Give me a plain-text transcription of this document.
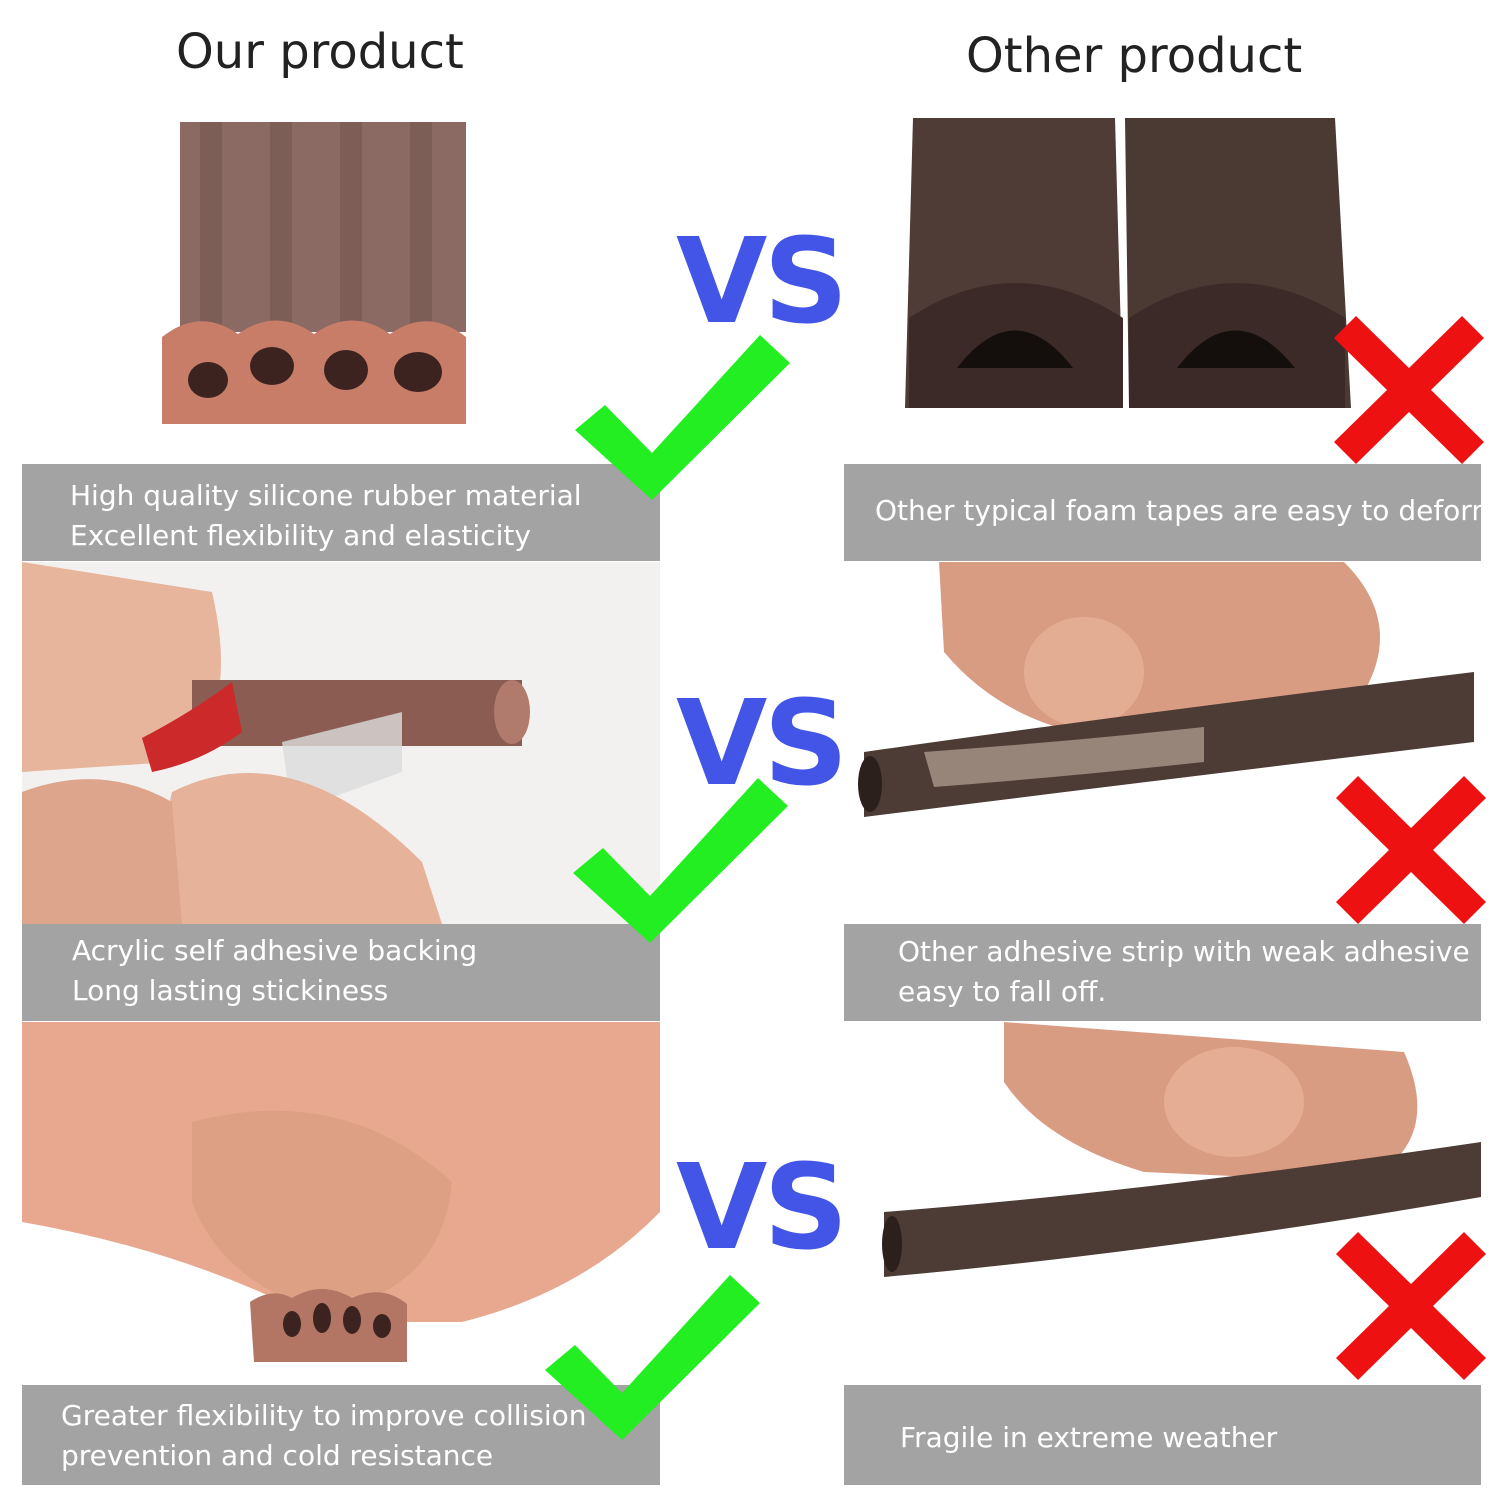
Our product	Other product
High quality silicone rubber material
Excellent flexibility and elasticity
Other typical foam tapes are easy to deform
Acrylic self adhesive backing
Long lasting stickiness
Other adhesive strip with weak adhesive
easy to fall off.
Greater flexibility to improve collision
prevention and cold resistance
Fragile in extreme weather
VS
VS
VS
